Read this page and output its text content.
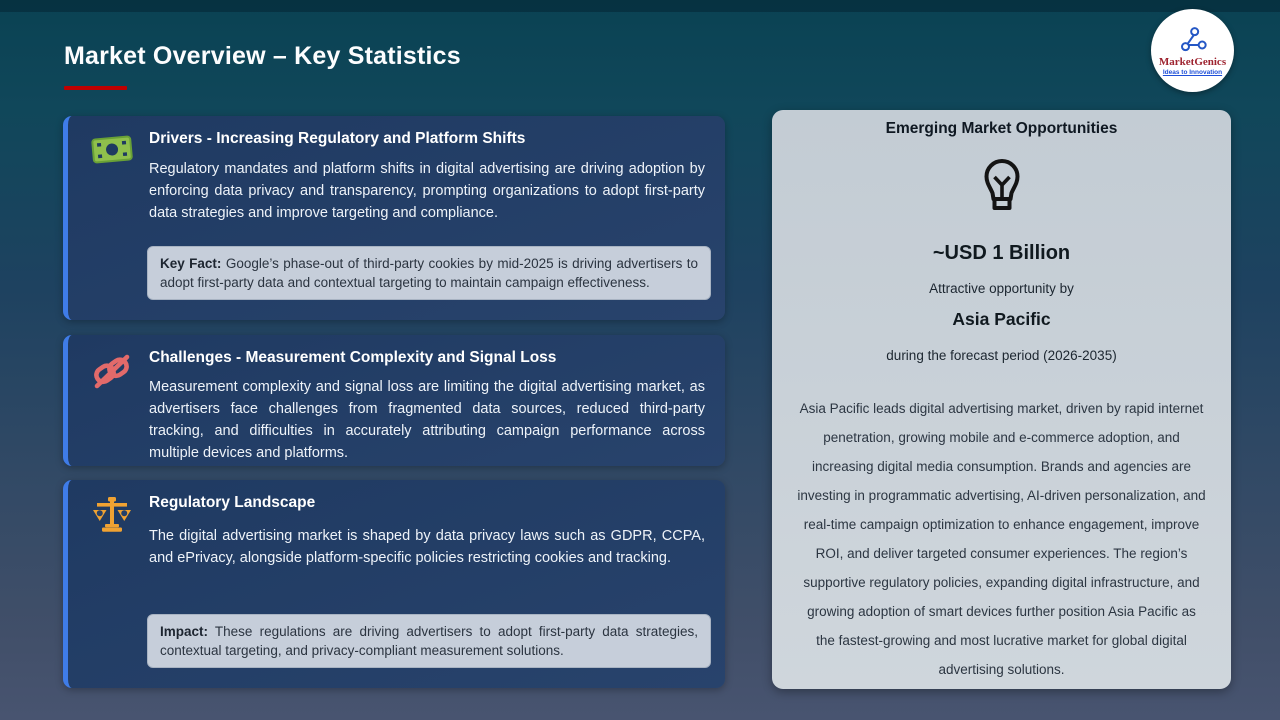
Market Overview – Key Statistics	MarketGenics
Ideas to Innovation
Drivers - Increasing Regulatory and Platform Shifts

Regulatory mandates and platform shifts in digital advertising are driving adoption by enforcing data privacy and transparency, prompting organizations to adopt first-party data strategies and improve targeting and compliance.

Key Fact: Google’s phase-out of third-party cookies by mid-2025 is driving advertisers to adopt first-party data and contextual targeting to maintain campaign effectiveness.
Challenges - Measurement Complexity and Signal Loss

Measurement complexity and signal loss are limiting the digital advertising market, as advertisers face challenges from fragmented data sources, reduced third-party tracking, and difficulties in accurately attributing campaign performance across multiple devices and platforms.

Regulatory Landscape

The digital advertising market is shaped by data privacy laws such as GDPR, CCPA, and ePrivacy, alongside platform-specific policies restricting cookies and tracking.

Impact: These regulations are driving advertisers to adopt first-party data strategies, contextual targeting, and privacy-compliant measurement solutions.
Emerging Market Opportunities
~USD 1 Billion
Attractive opportunity by
Asia Pacific
during the forecast period (2026-2035)

Asia Pacific leads digital advertising market, driven by rapid internet penetration, growing mobile and e-commerce adoption, and increasing digital media consumption. Brands and agencies are investing in programmatic advertising, AI-driven personalization, and real-time campaign optimization to enhance engagement, improve ROI, and deliver targeted consumer experiences. The region’s supportive regulatory policies, expanding digital infrastructure, and growing adoption of smart devices further position Asia Pacific as the fastest-growing and most lucrative market for global digital advertising solutions.
